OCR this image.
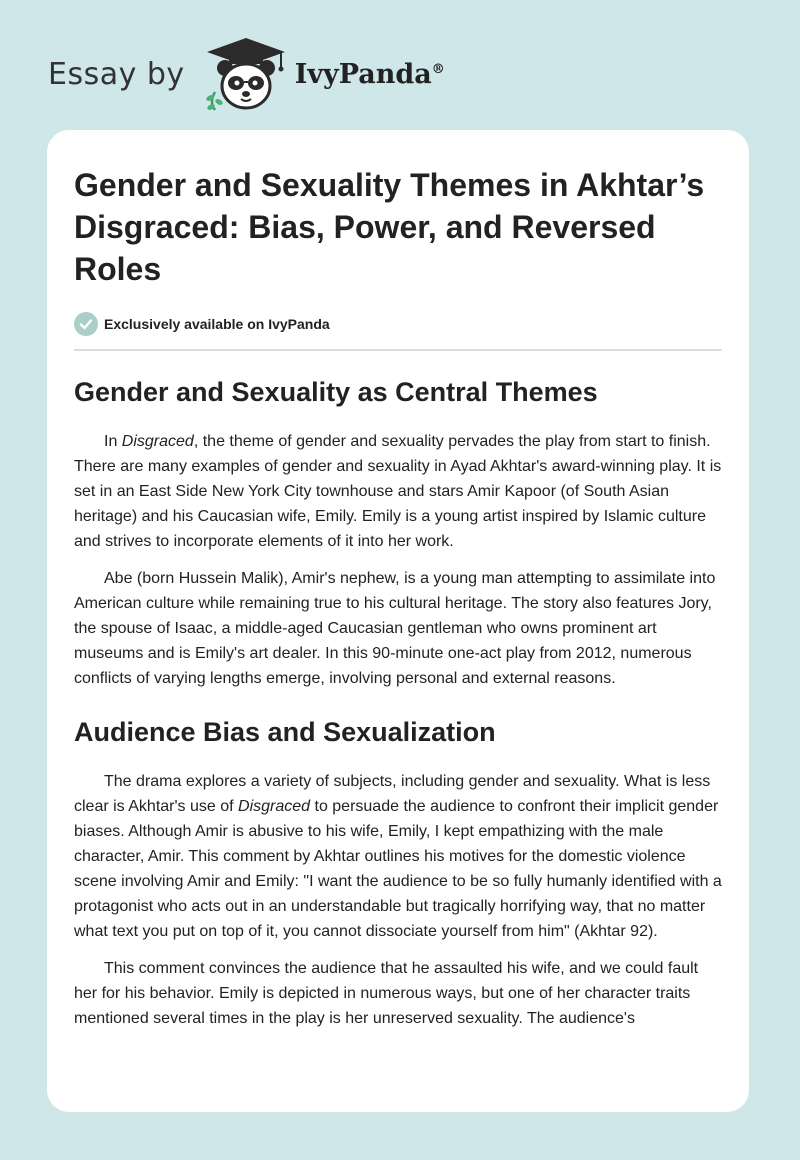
Essay by	IvyPanda®
Gender and Sexuality Themes in Akhtar’s Disgraced: Bias, Power, and Reversed Roles
Exclusively available on IvyPanda
Gender and Sexuality as Central Themes

In Disgraced, the theme of gender and sexuality pervades the play from start to finish. There are many examples of gender and sexuality in Ayad Akhtar's award-winning play. It is set in an East Side New York City townhouse and stars Amir Kapoor (of South Asian heritage) and his Caucasian wife, Emily. Emily is a young artist inspired by Islamic culture and strives to incorporate elements of it into her work.

Abe (born Hussein Malik), Amir's nephew, is a young man attempting to assimilate into American culture while remaining true to his cultural heritage. The story also features Jory, the spouse of Isaac, a middle-aged Caucasian gentleman who owns prominent art museums and is Emily's art dealer. In this 90-minute one-act play from 2012, numerous conflicts of varying lengths emerge, involving personal and external reasons.

Audience Bias and Sexualization

The drama explores a variety of subjects, including gender and sexuality. What is less clear is Akhtar's use of Disgraced to persuade the audience to confront their implicit gender biases. Although Amir is abusive to his wife, Emily, I kept empathizing with the male character, Amir. This comment by Akhtar outlines his motives for the domestic violence scene involving Amir and Emily: "I want the audience to be so fully humanly identified with a protagonist who acts out in an understandable but tragically horrifying way, that no matter what text you put on top of it, you cannot dissociate yourself from him" (Akhtar 92).

This comment convinces the audience that he assaulted his wife, and we could fault her for his behavior. Emily is depicted in numerous ways, but one of her character traits mentioned several times in the play is her unreserved sexuality. The audience's
